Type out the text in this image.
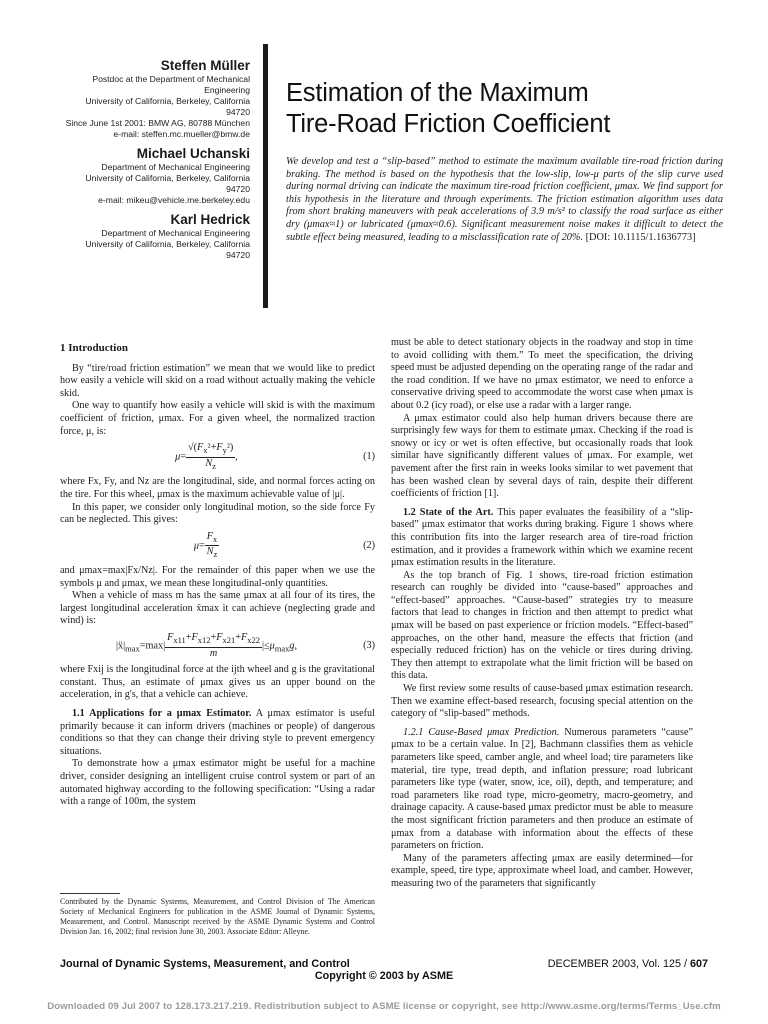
Steffen Müller
Postdoc at the Department of Mechanical
Engineering
University of California, Berkeley, California
94720
Since June 1st 2001: BMW AG, 80788 München
e-mail: steffen.mc.mueller@bmw.de
Michael Uchanski
Department of Mechanical Engineering
University of California, Berkeley, California
94720
e-mail: mikeu@vehicle.me.berkeley.edu
Karl Hedrick
Department of Mechanical Engineering
University of California, Berkeley, California
94720
Estimation of the Maximum
Tire-Road Friction Coefficient
We develop and test a “slip-based” method to estimate the maximum available tire-road friction during braking. The method is based on the hypothesis that the low-slip, low-μ parts of the slip curve used during normal driving can indicate the maximum tire-road friction coefficient, μmax. We find support for this hypothesis in the literature and through experiments. The friction estimation algorithm uses data from short braking maneuvers with peak accelerations of 3.9 m/s² to classify the road surface as either dry (μmax≈1) or lubricated (μmax≈0.6). Significant measurement noise makes it difficult to detect the subtle effect being measured, leading to a misclassification rate of 20%. [DOI: 10.1115/1.1636773]
1 Introduction

By “tire/road friction estimation” we mean that we would like to predict how easily a vehicle will skid on a road without actually making the vehicle skid.

One way to quantify how easily a vehicle will skid is with the maximum coefficient of friction, μmax. For a given wheel, the normalized traction force, μ, is:

$\mu= \frac{√(F_x^2+F_y^2)}{N_z}$ ,	(1)

where Fx, Fy, and Nz are the longitudinal, side, and normal forces acting on the tire. For this wheel, μmax is the maximum achievable value of |μ|.

In this paper, we consider only longitudinal motion, so the side force Fy can be neglected. This gives:

$\mu= \frac{F_x}{N_z}$	(2)

and μmax=max|Fx/Nz|. For the remainder of this paper when we use the symbols μ and μmax, we mean these longitudinal-only quantities.

When a vehicle of mass m has the same μmax at all four of its tires, the largest longitudinal acceleration ẍmax it can achieve (neglecting grade and wind) is:

$|ẍ|_{max}=\max| \frac{F_{x11}+F_{x12}+F_{x21}+F_{x22}}{m} |\le\mu_{max}g$,	(3)

where Fxij is the longitudinal force at the ijth wheel and g is the gravitational constant. Thus, an estimate of μmax gives us an upper bound on the acceleration, in g's, that a vehicle can achieve.

1.1 Applications for a μmax Estimator. A μmax estimator is useful primarily because it can inform drivers (machines or people) of dangerous conditions so that they can change their driving style to prevent emergency situations.

To demonstrate how a μmax estimator might be useful for a machine driver, consider designing an intelligent cruise control system or part of an automated highway according to the following specification: “Using a radar with a range of 100m, the system

Contributed by the Dynamic Systems, Measurement, and Control Division of The American Society of Mechanical Engineers for publication in the ASME Journal of Dynamic Systems, Measurement, and Control. Manuscript received by the ASME Dynamic Systems and Control Division Jan. 16, 2002; final revision June 30, 2003. Associate Editor: Alleyne.

must be able to detect stationary objects in the roadway and stop in time to avoid colliding with them.” To meet the specification, the driving speed must be adjusted depending on the operating range of the radar and the road condition. If we have no μmax estimator, we need to enforce a conservative driving speed to accommodate the worst case when μmax is about 0.2 (icy road), or else use a radar with a larger range.

A μmax estimator could also help human drivers because there are surprisingly few ways for them to estimate μmax. Checking if the road is snowy or icy or wet is often effective, but occasionally roads that look similar have significantly different values of μmax. For example, wet pavement after the first rain in weeks looks similar to wet pavement that has been washed clean by several days of rain, despite their different coefficients of friction [1].

1.2 State of the Art. This paper evaluates the feasibility of a “slip-based” μmax estimator that works during braking. Figure 1 shows where this contribution fits into the larger research area of tire-road friction estimation, and it provides a framework within which we examine recent μmax estimation results in the literature.

As the top branch of Fig. 1 shows, tire-road friction estimation research can roughly be divided into “cause-based” approaches and “effect-based” approaches. “Cause-based” strategies try to measure factors that lead to changes in friction and then attempt to predict what μmax will be based on past experience or friction models. “Effect-based” approaches, on the other hand, measure the effects that friction (and especially reduced friction) has on the vehicle or tires during driving. They then attempt to extrapolate what the limit friction will be based on this data.

We first review some results of cause-based μmax estimation research. Then we examine effect-based research, focusing special attention on the category of “slip-based” methods.

1.2.1 Cause-Based μmax Prediction. Numerous parameters “cause” μmax to be a certain value. In [2], Bachmann classifies them as vehicle parameters like speed, camber angle, and wheel load; tire parameters like material, tire type, tread depth, and inflation pressure; road lubricant parameters like type (water, snow, ice, oil), depth, and temperature; and road parameters like road type, micro-geometry, macro-geometry, and drainage capacity. A cause-based μmax predictor must be able to measure the most significant friction parameters and then produce an estimate of μmax from a database with information about the effects of these parameters on friction.

Many of the parameters affecting μmax are easily determined—for example, speed, tire type, approximate wheel load, and camber. However, measuring two of the parameters that significantly

Journal of Dynamic Systems, Measurement, and Control	DECEMBER 2003, Vol. 125 / 607
Copyright © 2003 by ASME
Downloaded 09 Jul 2007 to 128.173.217.219. Redistribution subject to ASME license or copyright, see http://www.asme.org/terms/Terms_Use.cfm
